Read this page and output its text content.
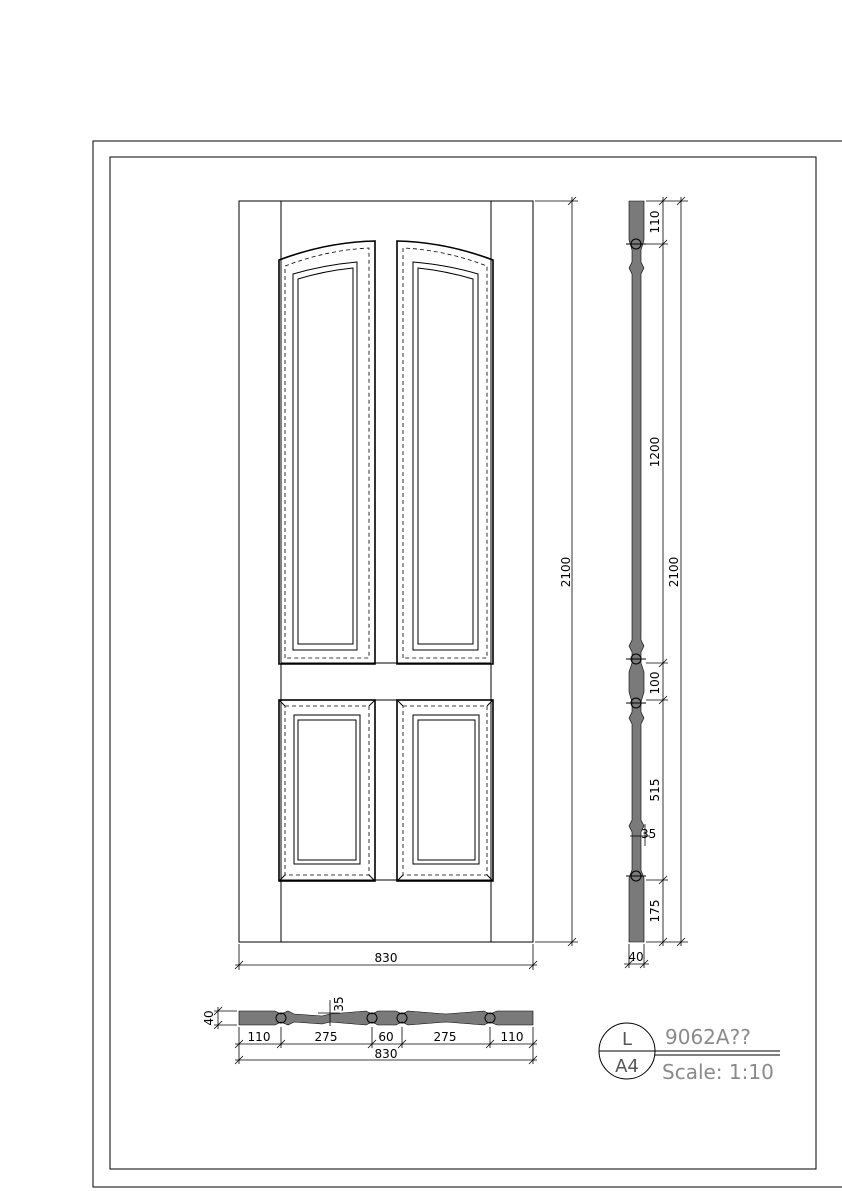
830
2100
110
1200
100
515
175
2100
35
40
40
35
110	275	60	275	110
830
L
A4
9062A??
Scale: 1:10
